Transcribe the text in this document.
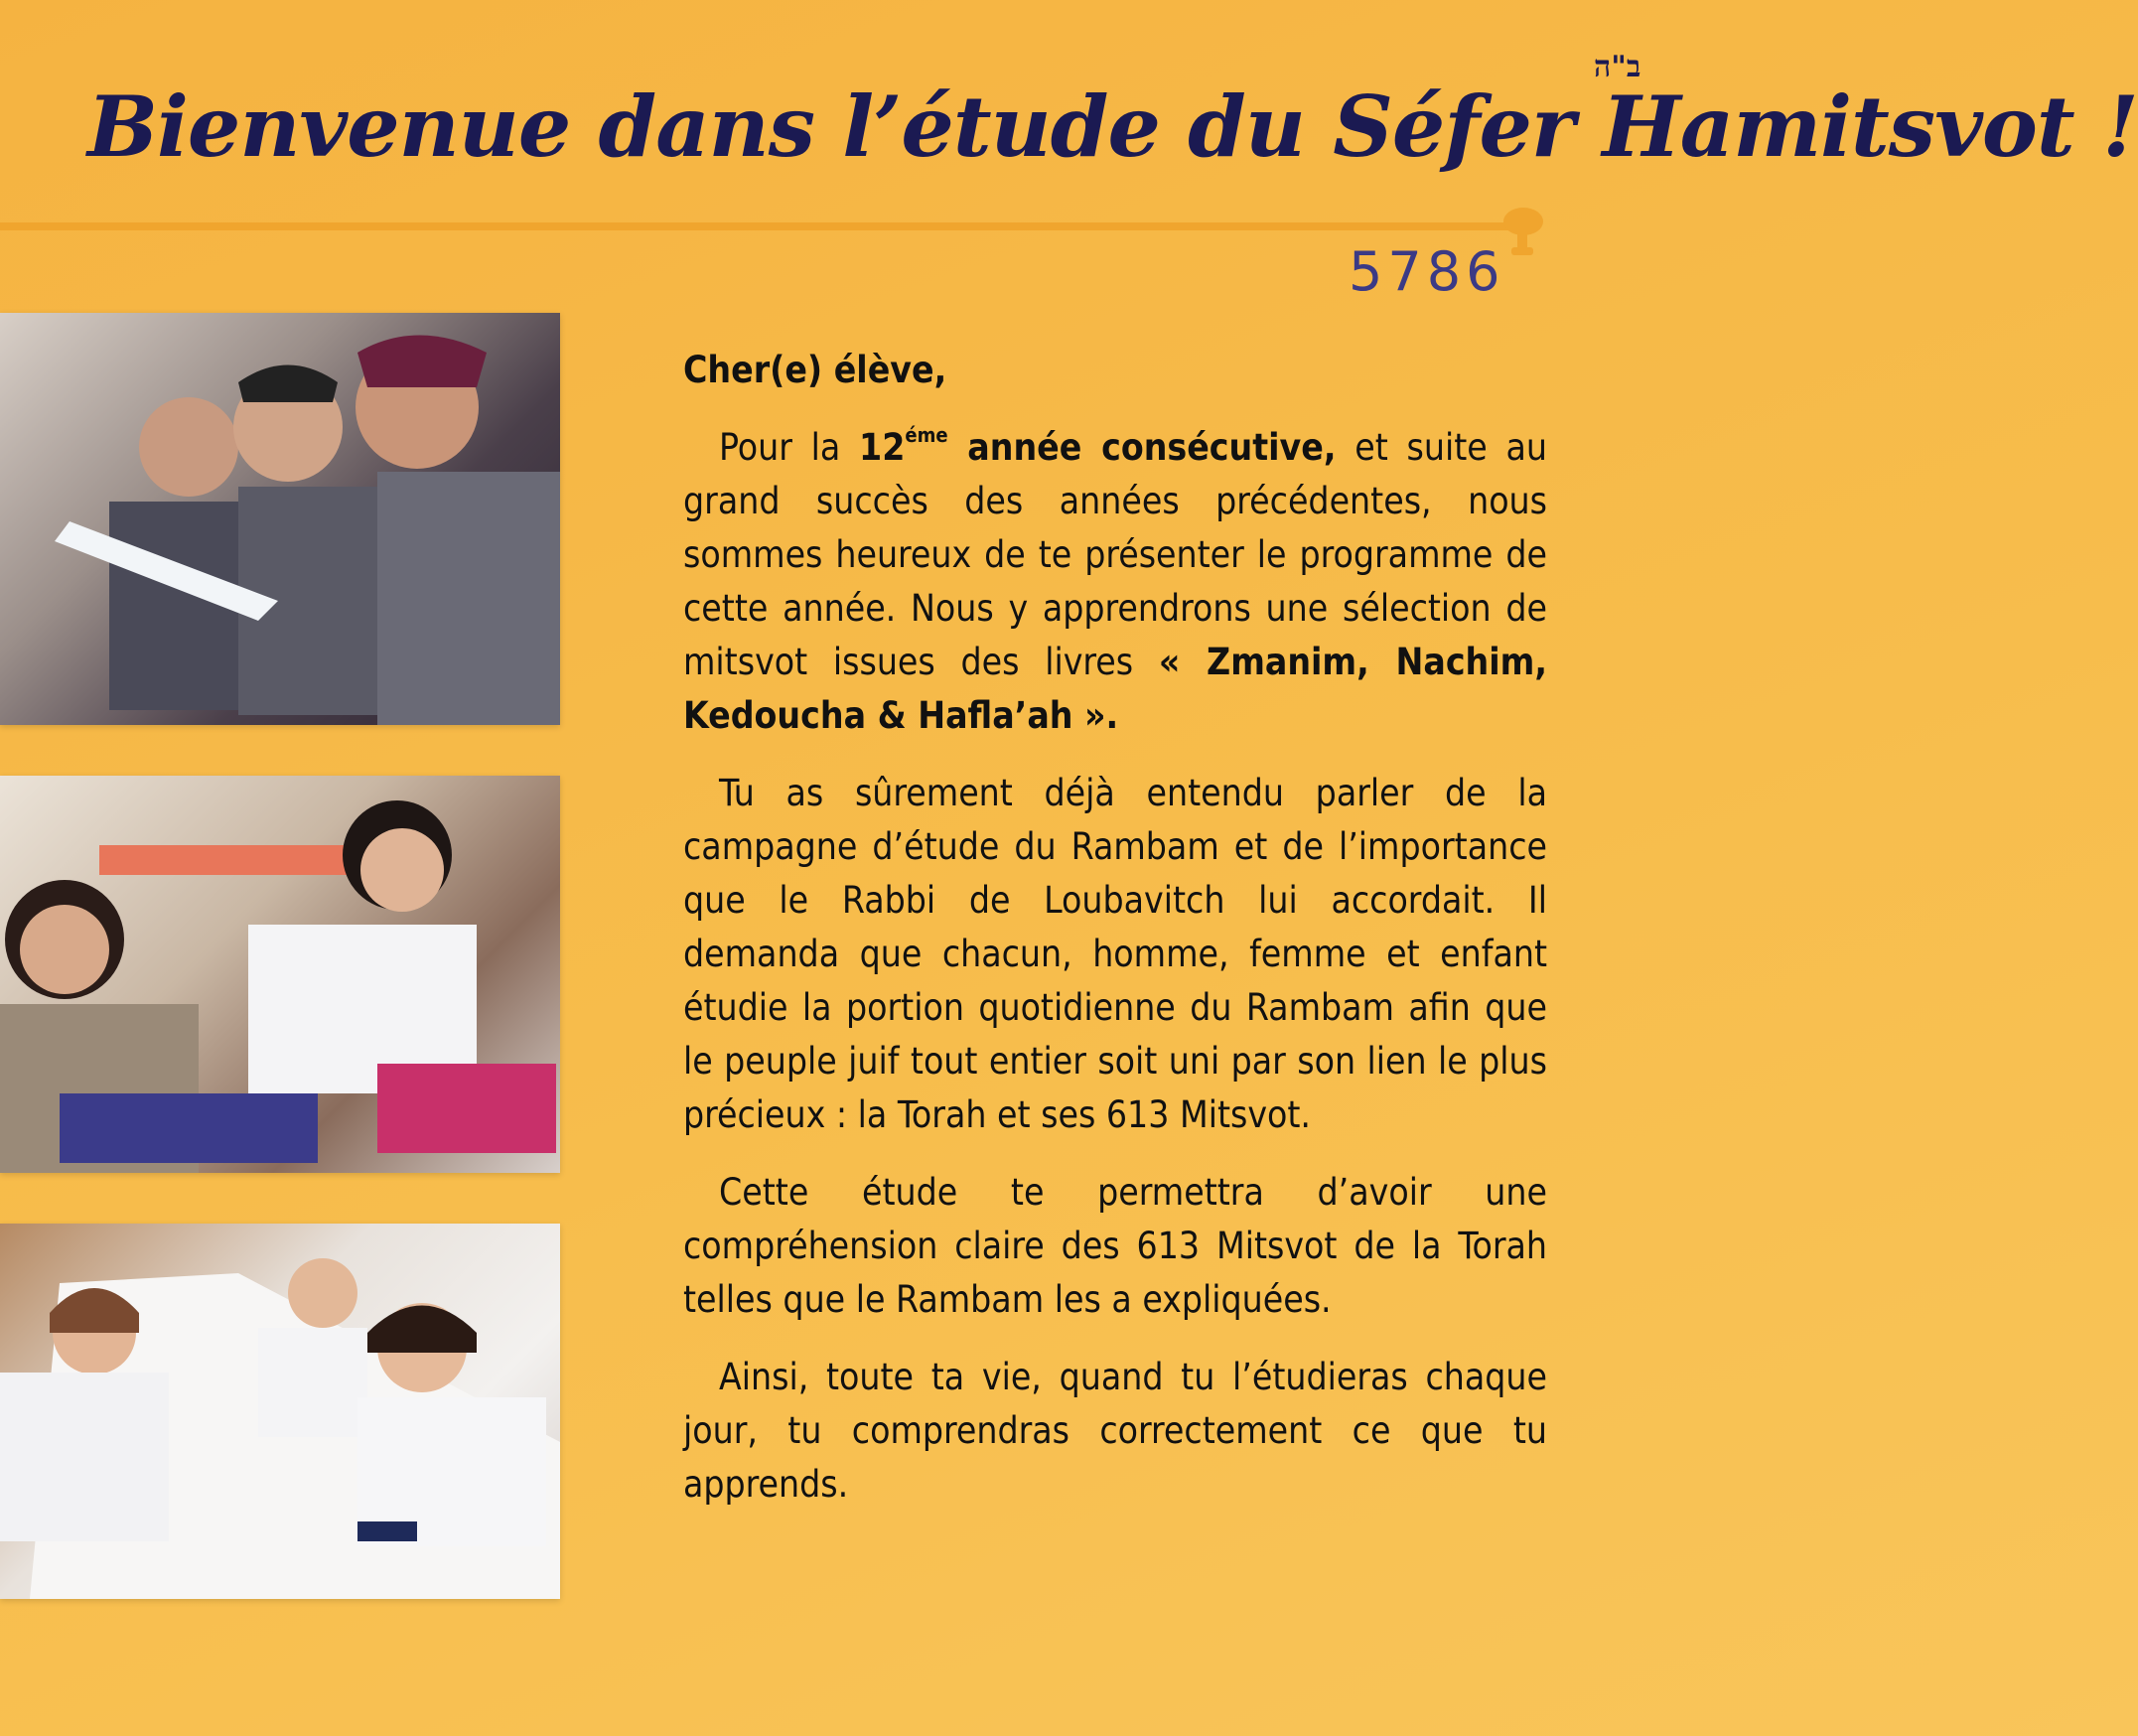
ב"ה
Bienvenue dans l’étude du Séfer Hamitsvot !
5786

Cher(e) élève,

Pour la $12^{éme}$ année consécutive, et suite au grand succès des années précédentes, nous sommes heureux de te présenter le programme de cette année. Nous y apprendrons une sélection de mitsvot issues des livres « Zmanim, Nachim, Kedoucha & Hafla’ah ».

Tu as sûrement déjà entendu parler de la campagne d’étude du Rambam et de l’importance que le Rabbi de Loubavitch lui accordait. Il demanda que chacun, homme, femme et enfant étudie la portion quotidienne du Rambam afin que le peuple juif tout entier soit uni par son lien le plus précieux : la Torah et ses 613 Mitsvot.

Cette étude te permettra d’avoir une compréhension claire des 613 Mitsvot de la Torah telles que le Rambam les a expliquées.

Ainsi, toute ta vie, quand tu l’étudieras chaque jour, tu comprendras correctement ce que tu apprends.
